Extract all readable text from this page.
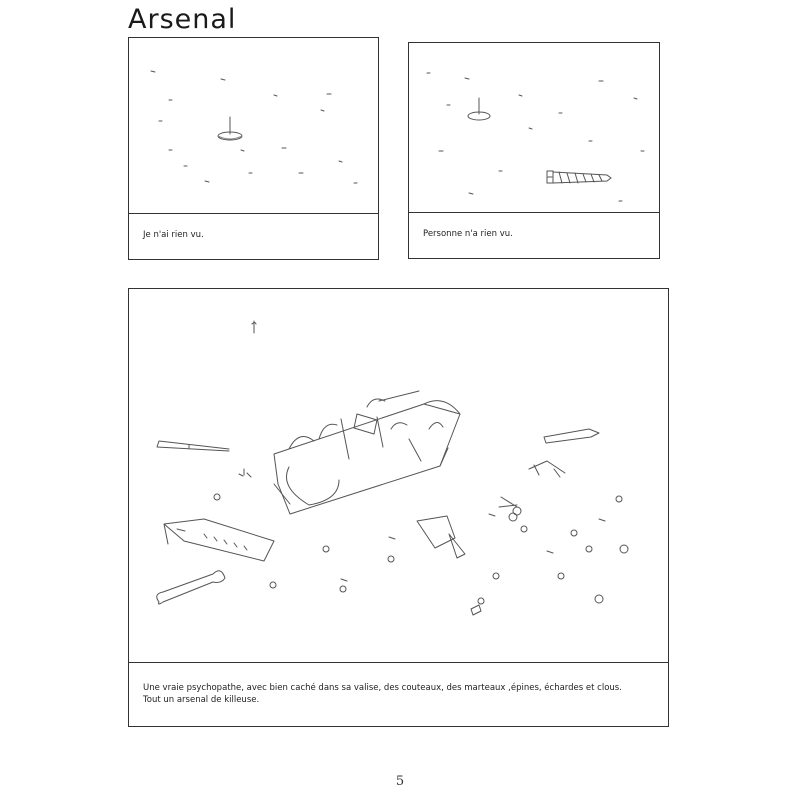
Arsenal
Je n'ai rien vu.	Personne n'a rien vu.
Une vraie psychopathe, avec bien caché dans sa valise, des couteaux, des marteaux ,épines, échardes et clous.
Tout un arsenal de killeuse.
5
